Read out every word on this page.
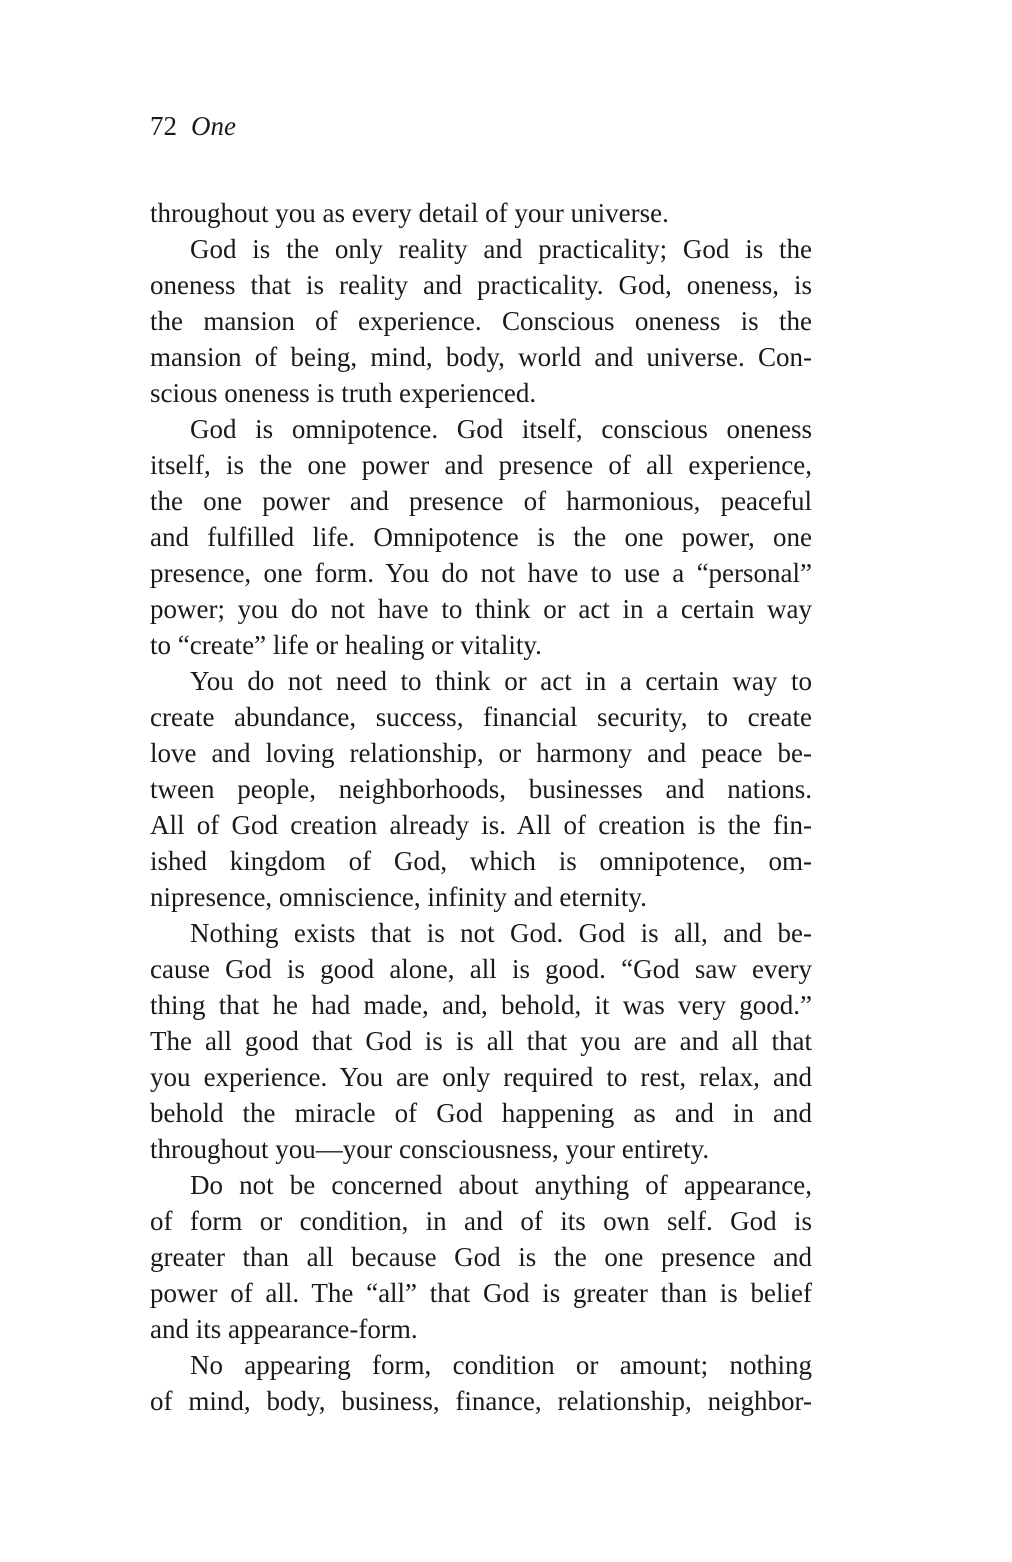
72 One
throughout you as every detail of your universe.
God is the only reality and practicality; God is the
oneness that is reality and practicality. God, oneness, is
the mansion of experience. Conscious oneness is the
mansion of being, mind, body, world and universe. Con-
scious oneness is truth experienced.
God is omnipotence. God itself, conscious oneness
itself, is the one power and presence of all experience,
the one power and presence of harmonious, peaceful
and fulfilled life. Omnipotence is the one power, one
presence, one form. You do not have to use a “personal”
power; you do not have to think or act in a certain way
to “create” life or healing or vitality.
You do not need to think or act in a certain way to
create abundance, success, financial security, to create
love and loving relationship, or harmony and peace be-
tween people, neighborhoods, businesses and nations.
All of God creation already is. All of creation is the fin-
ished kingdom of God, which is omnipotence, om-
nipresence, omniscience, infinity and eternity.
Nothing exists that is not God. God is all, and be-
cause God is good alone, all is good. “God saw every
thing that he had made, and, behold, it was very good.”
The all good that God is is all that you are and all that
you experience. You are only required to rest, relax, and
behold the miracle of God happening as and in and
throughout you—your consciousness, your entirety.
Do not be concerned about anything of appearance,
of form or condition, in and of its own self. God is
greater than all because God is the one presence and
power of all. The “all” that God is greater than is belief
and its appearance-form.
No appearing form, condition or amount; nothing
of mind, body, business, finance, relationship, neighbor-
